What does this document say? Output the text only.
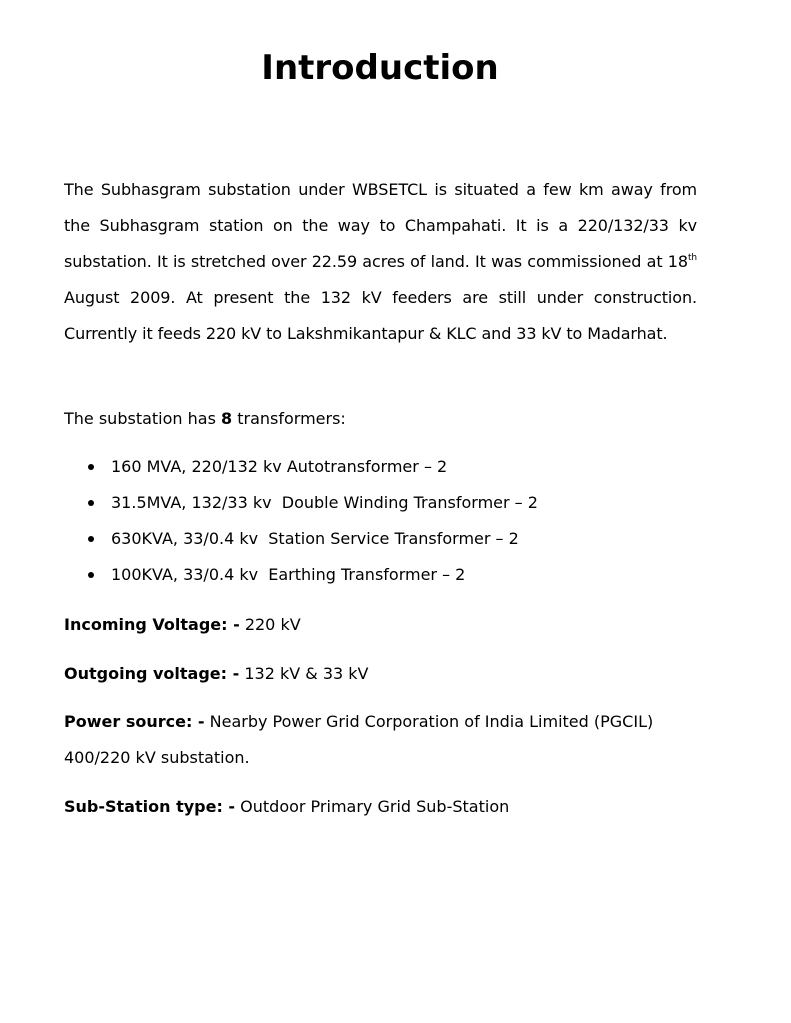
Introduction

The Subhasgram substation under WBSETCL is situated a few km away from the Subhasgram station on the way to Champahati. It is a 220/132/33 kv substation. It is stretched over 22.59 acres of land. It was commissioned at 18th August 2009. At present the 132 kV feeders are still under construction. Currently it feeds 220 kV to Lakshmikantapur & KLC and 33 kV to Madarhat.

The substation has 8 transformers:

160 MVA, 220/132 kv Autotransformer – 2
31.5MVA, 132/33 kv  Double Winding Transformer – 2
630KVA, 33/0.4 kv  Station Service Transformer – 2
100KVA, 33/0.4 kv  Earthing Transformer – 2

Incoming Voltage: - 220 kV

Outgoing voltage: - 132 kV & 33 kV

Power source: - Nearby Power Grid Corporation of India Limited (PGCIL) 400/220 kV substation.

Sub-Station type: - Outdoor Primary Grid Sub-Station
